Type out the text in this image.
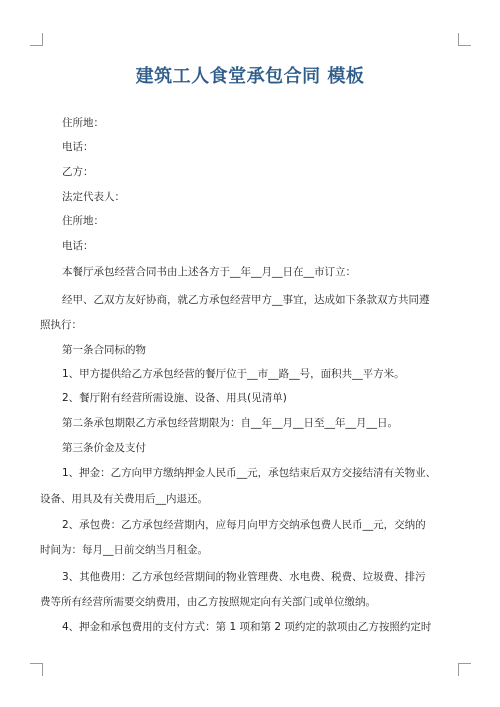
建筑工人食堂承包合同 模板
住所地：
电话：
乙方：
法定代表人：
住所地：
电话：
本餐厅承包经营合同书由上述各方于__年__月__日在__市订立：
经甲、乙双方友好协商，就乙方承包经营甲方__事宜，达成如下条款双方共同遵
照执行：
第一条合同标的物
1、甲方提供给乙方承包经营的餐厅位于__市__路__号，面积共__平方米。
2、餐厅附有经营所需设施、设备、用具(见清单)
第二条承包期限乙方承包经营期限为：自__年__月__日至__年__月__日。
第三条价金及支付
1、押金：乙方向甲方缴纳押金人民币__元，承包结束后双方交接结清有关物业、
设备、用具及有关费用后__内退还。
2、承包费：乙方承包经营期内，应每月向甲方交纳承包费人民币__元，交纳的
时间为：每月__日前交纳当月租金。
3、其他费用：乙方承包经营期间的物业管理费、水电费、税费、垃圾费、排污
费等所有经营所需要交纳费用，由乙方按照规定向有关部门或单位缴纳。
4、押金和承包费用的支付方式：第 1 项和第 2 项约定的款项由乙方按照约定时
